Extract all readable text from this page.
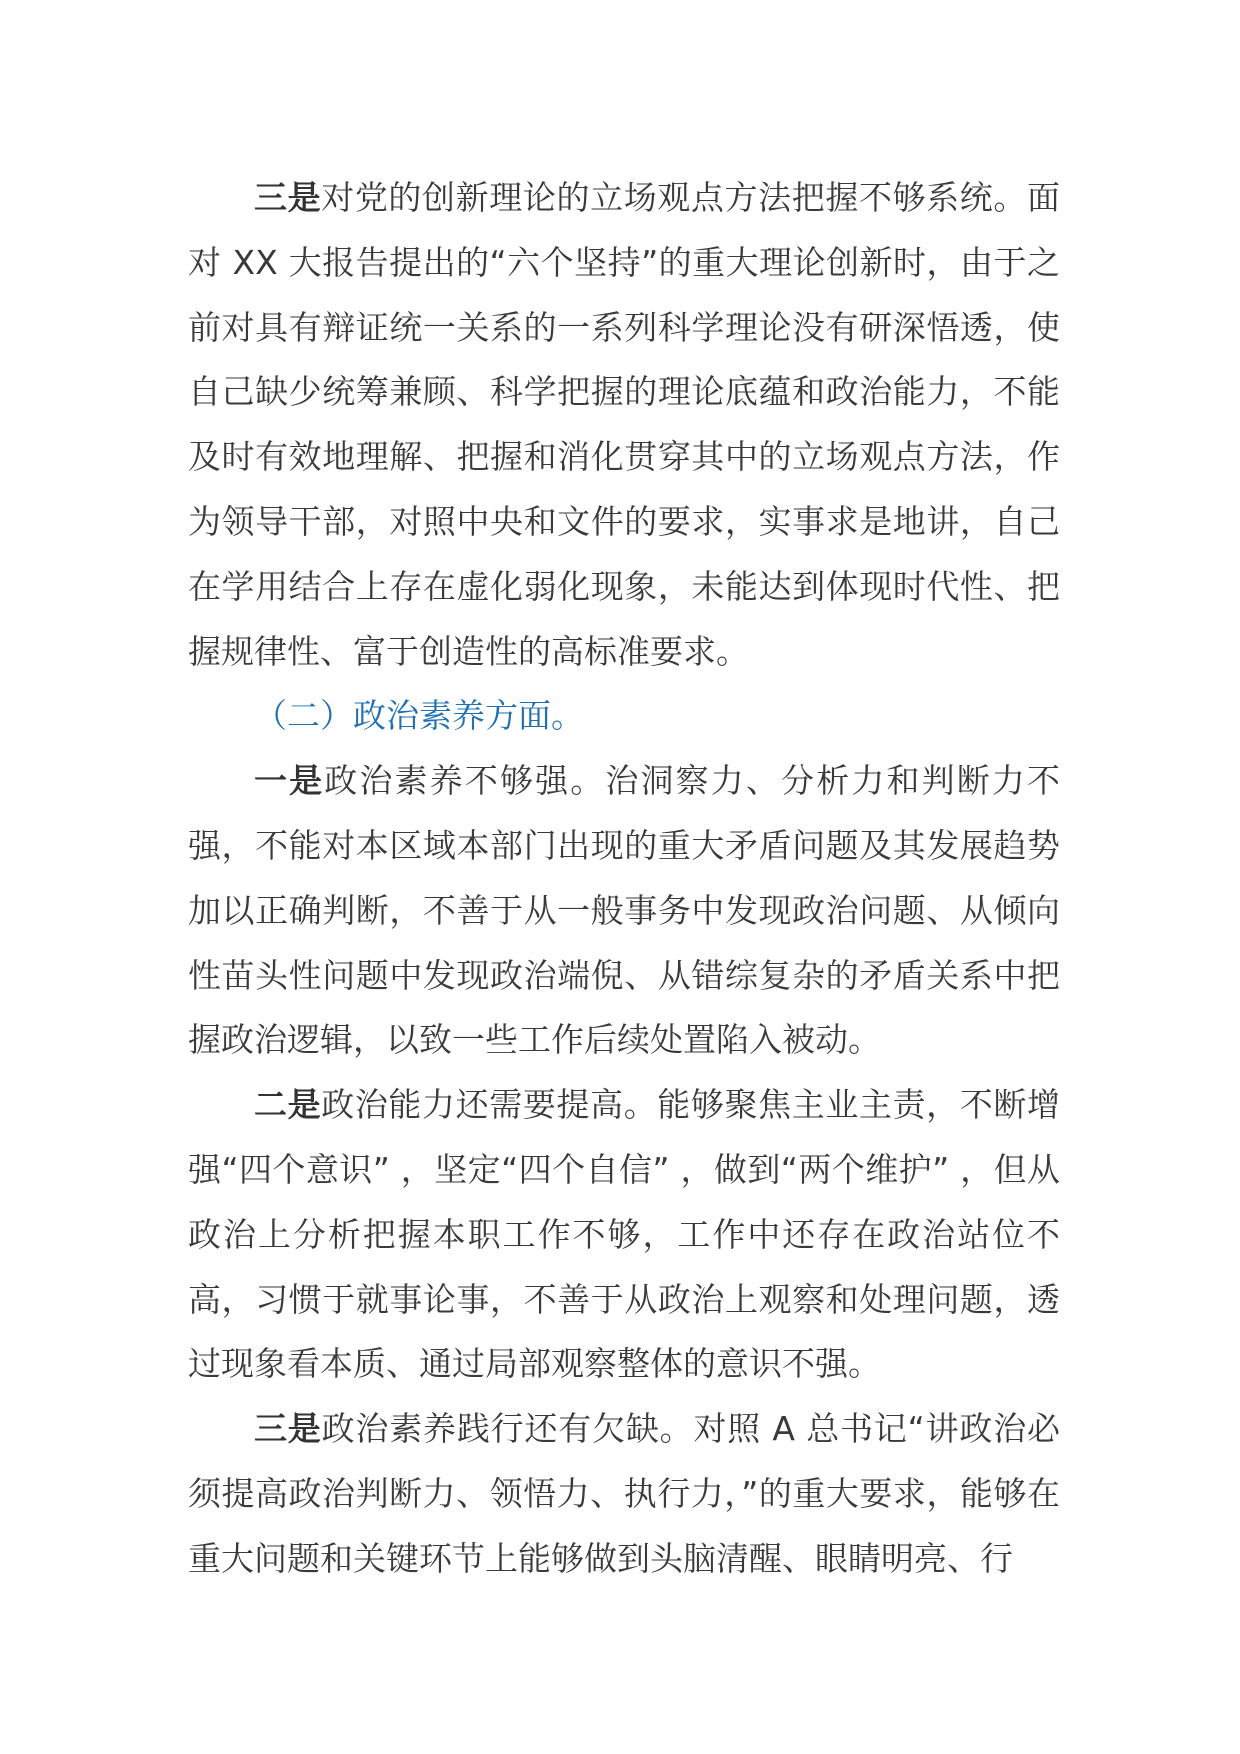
三是对党的创新理论的立场观点方法把握不够系统。面对 XX 大报告提出的“六个坚持”的重大理论创新时，由于之前对具有辩证统一关系的一系列科学理论没有研深悟透，使自己缺少统筹兼顾、科学把握的理论底蕴和政治能力，不能及时有效地理解、把握和消化贯穿其中的立场观点方法，作为领导干部，对照中央和文件的要求，实事求是地讲，自己在学用结合上存在虚化弱化现象，未能达到体现时代性、把握规律性、富于创造性的高标准要求。

（二）政治素养方面。

一是政治素养不够强。治洞察力、分析力和判断力不强，不能对本区域本部门出现的重大矛盾问题及其发展趋势加以正确判断，不善于从一般事务中发现政治问题、从倾向性苗头性问题中发现政治端倪、从错综复杂的矛盾关系中把握政治逻辑，以致一些工作后续处置陷入被动。

二是政治能力还需要提高。能够聚焦主业主责，不断增强“四个意识” ，坚定“四个自信” ，做到“两个维护” ，但从政治上分析把握本职工作不够，工作中还存在政治站位不高，习惯于就事论事，不善于从政治上观察和处理问题，透过现象看本质、通过局部观察整体的意识不强。

三是政治素养践行还有欠缺。对照 A 总书记“讲政治必须提高政治判断力、领悟力、执行力，”的重大要求，能够在重大问题和关键环节上能够做到头脑清醒、眼睛明亮、行
